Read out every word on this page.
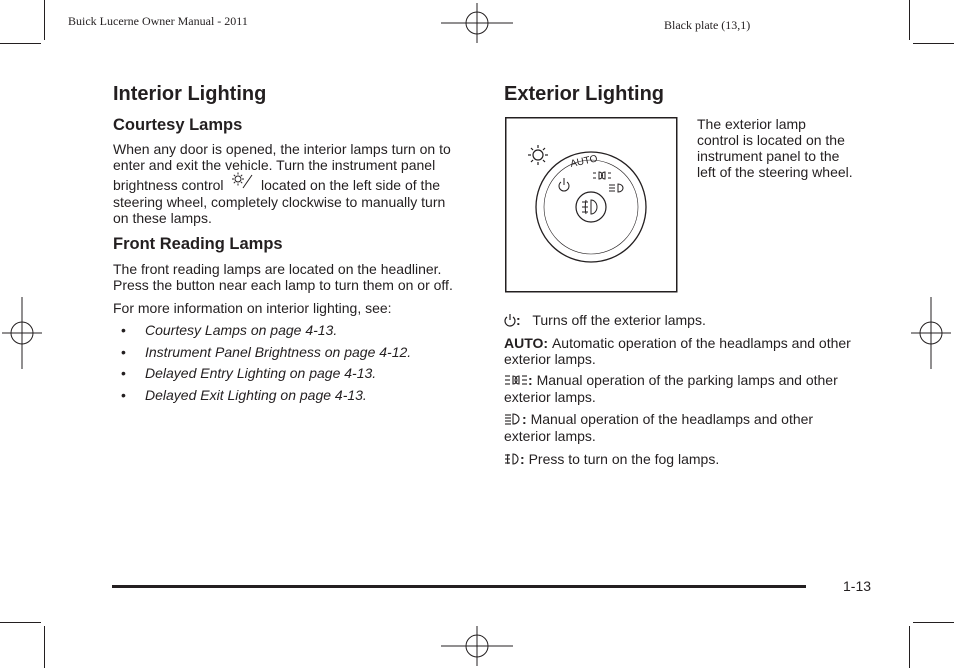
Buick Lucerne Owner Manual - 2011	Black plate (13,1)
Interior Lighting
Courtesy Lamps
When any door is opened, the interior lamps turn on to
enter and exit the vehicle. Turn the instrument panel
brightness control	located on the left side of the
steering wheel, completely clockwise to manually turn
on these lamps.
Front Reading Lamps
The front reading lamps are located on the headliner.
Press the button near each lamp to turn them on or off.
For more information on interior lighting, see:
• Courtesy Lamps on page 4-13.
• Instrument Panel Brightness on page 4-12.
• Delayed Entry Lighting on page 4-13.
• Delayed Exit Lighting on page 4-13.
Exterior Lighting
AUTO
The exterior lamp
control is located on the
instrument panel to the
left of the steering wheel.
: Turns off the exterior lamps.
AUTO: Automatic operation of the headlamps and other
exterior lamps.
: Manual operation of the parking lamps and other
exterior lamps.
: Manual operation of the headlamps and other
exterior lamps.
: Press to turn on the fog lamps.
1-13
